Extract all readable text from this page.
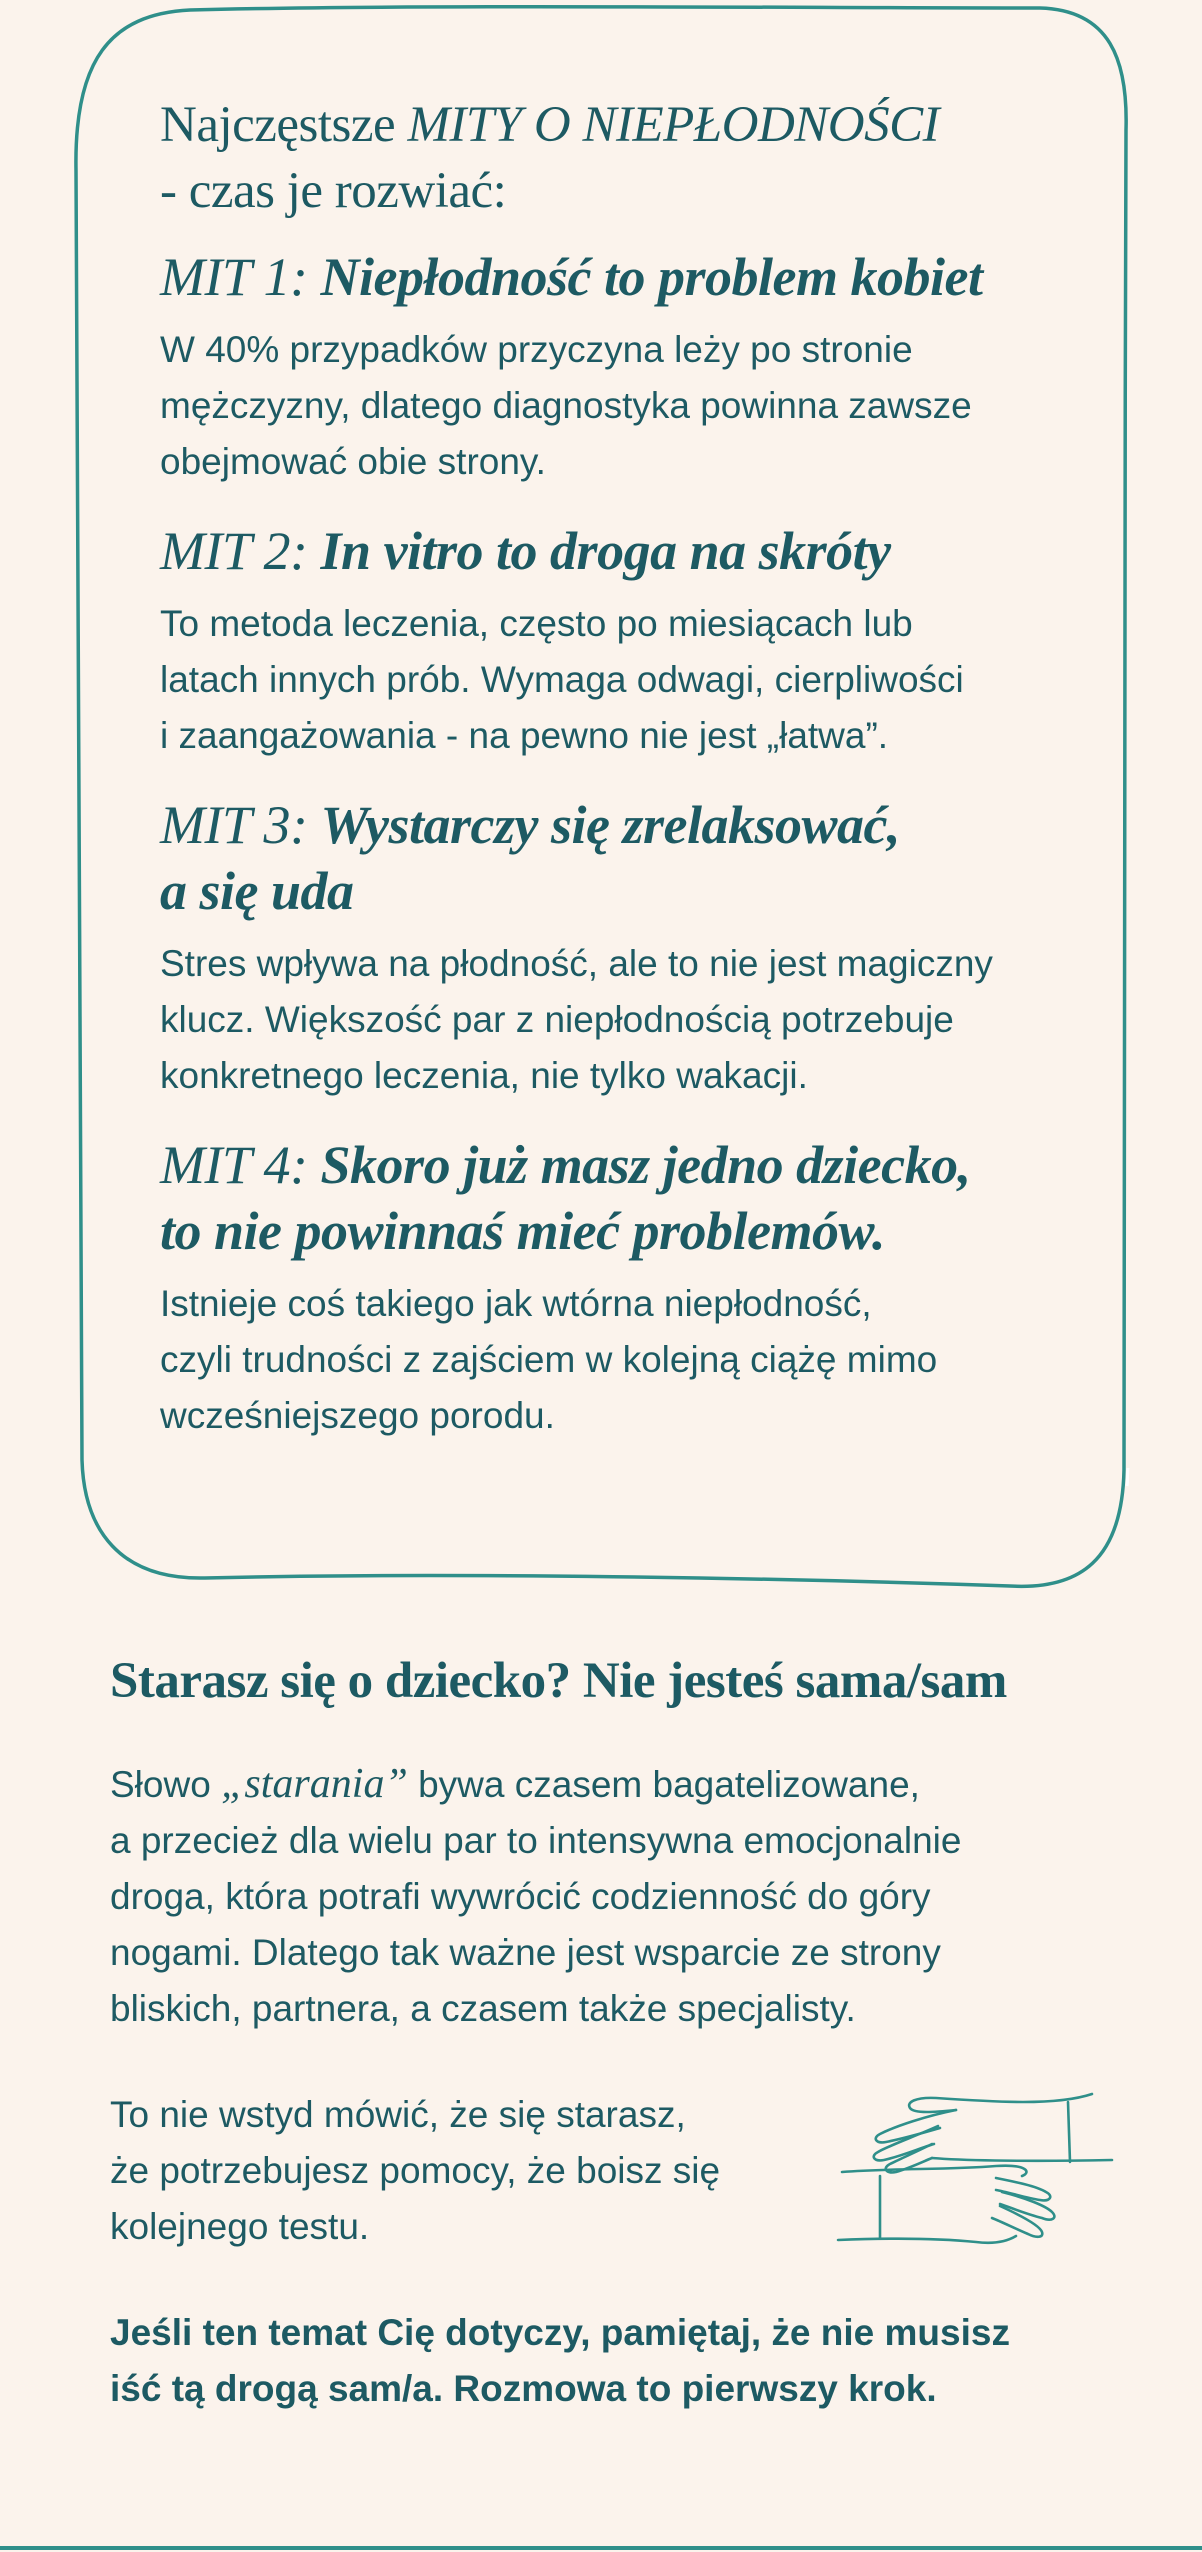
Najczęstsze MITY O NIEPŁODNOŚCI
- czas je rozwiać:
MIT 1: Niepłodność to problem kobiet

W 40% przypadków przyczyna leży po stronie
mężczyzny, dlatego diagnostyka powinna zawsze
obejmować obie strony.

MIT 2: In vitro to droga na skróty

To metoda leczenia, często po miesiącach lub
latach innych prób. Wymaga odwagi, cierpliwości
i zaangażowania - na pewno nie jest „łatwa”.

MIT 3: Wystarczy się zrelaksować,
a się uda

Stres wpływa na płodność, ale to nie jest magiczny
klucz. Większość par z niepłodnością potrzebuje
konkretnego leczenia, nie tylko wakacji.

MIT 4: Skoro już masz jedno dziecko,
to nie powinnaś mieć problemów.

Istnieje coś takiego jak wtórna niepłodność,
czyli trudności z zajściem w kolejną ciążę mimo
wcześniejszego porodu.

Starasz się o dziecko? Nie jesteś sama/sam

Słowo „starania” bywa czasem bagatelizowane,
a przecież dla wielu par to intensywna emocjonalnie
droga, która potrafi wywrócić codzienność do góry
nogami. Dlatego tak ważne jest wsparcie ze strony
bliskich, partnera, a czasem także specjalisty.

To nie wstyd mówić, że się starasz,
że potrzebujesz pomocy, że boisz się
kolejnego testu.

Jeśli ten temat Cię dotyczy, pamiętaj, że nie musisz
iść tą drogą sam/a. Rozmowa to pierwszy krok.
